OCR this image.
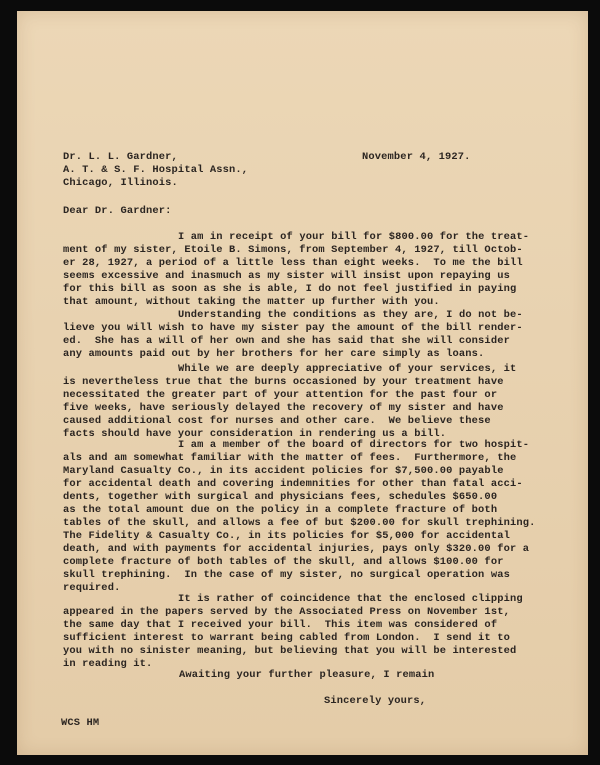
Dr. L. L. Gardner,
A. T. & S. F. Hospital Assn.,
Chicago, Illinois.
November 4, 1927.
Dear Dr. Gardner:
I am in receipt of your bill for $800.00 for the treat-
ment of my sister, Etoile B. Simons, from September 4, 1927, till Octob-
er 28, 1927, a period of a little less than eight weeks.  To me the bill
seems excessive and inasmuch as my sister will insist upon repaying us
for this bill as soon as she is able, I do not feel justified in paying
that amount, without taking the matter up further with you.
Understanding the conditions as they are, I do not be-
lieve you will wish to have my sister pay the amount of the bill render-
ed.  She has a will of her own and she has said that she will consider
any amounts paid out by her brothers for her care simply as loans.
While we are deeply appreciative of your services, it
is nevertheless true that the burns occasioned by your treatment have
necessitated the greater part of your attention for the past four or
five weeks, have seriously delayed the recovery of my sister and have
caused additional cost for nurses and other care.  We believe these
facts should have your consideration in rendering us a bill.
I am a member of the board of directors for two hospit-
als and am somewhat familiar with the matter of fees.  Furthermore, the
Maryland Casualty Co., in its accident policies for $7,500.00 payable
for accidental death and covering indemnities for other than fatal acci-
dents, together with surgical and physicians fees, schedules $650.00
as the total amount due on the policy in a complete fracture of both
tables of the skull, and allows a fee of but $200.00 for skull trephining.
The Fidelity & Casualty Co., in its policies for $5,000 for accidental
death, and with payments for accidental injuries, pays only $320.00 for a
complete fracture of both tables of the skull, and allows $100.00 for
skull trephining.  In the case of my sister, no surgical operation was
required.
It is rather of coincidence that the enclosed clipping
appeared in the papers served by the Associated Press on November 1st,
the same day that I received your bill.  This item was considered of
sufficient interest to warrant being cabled from London.  I send it to
you with no sinister meaning, but believing that you will be interested
in reading it.
Awaiting your further pleasure, I remain
Sincerely yours,
WCS HM
